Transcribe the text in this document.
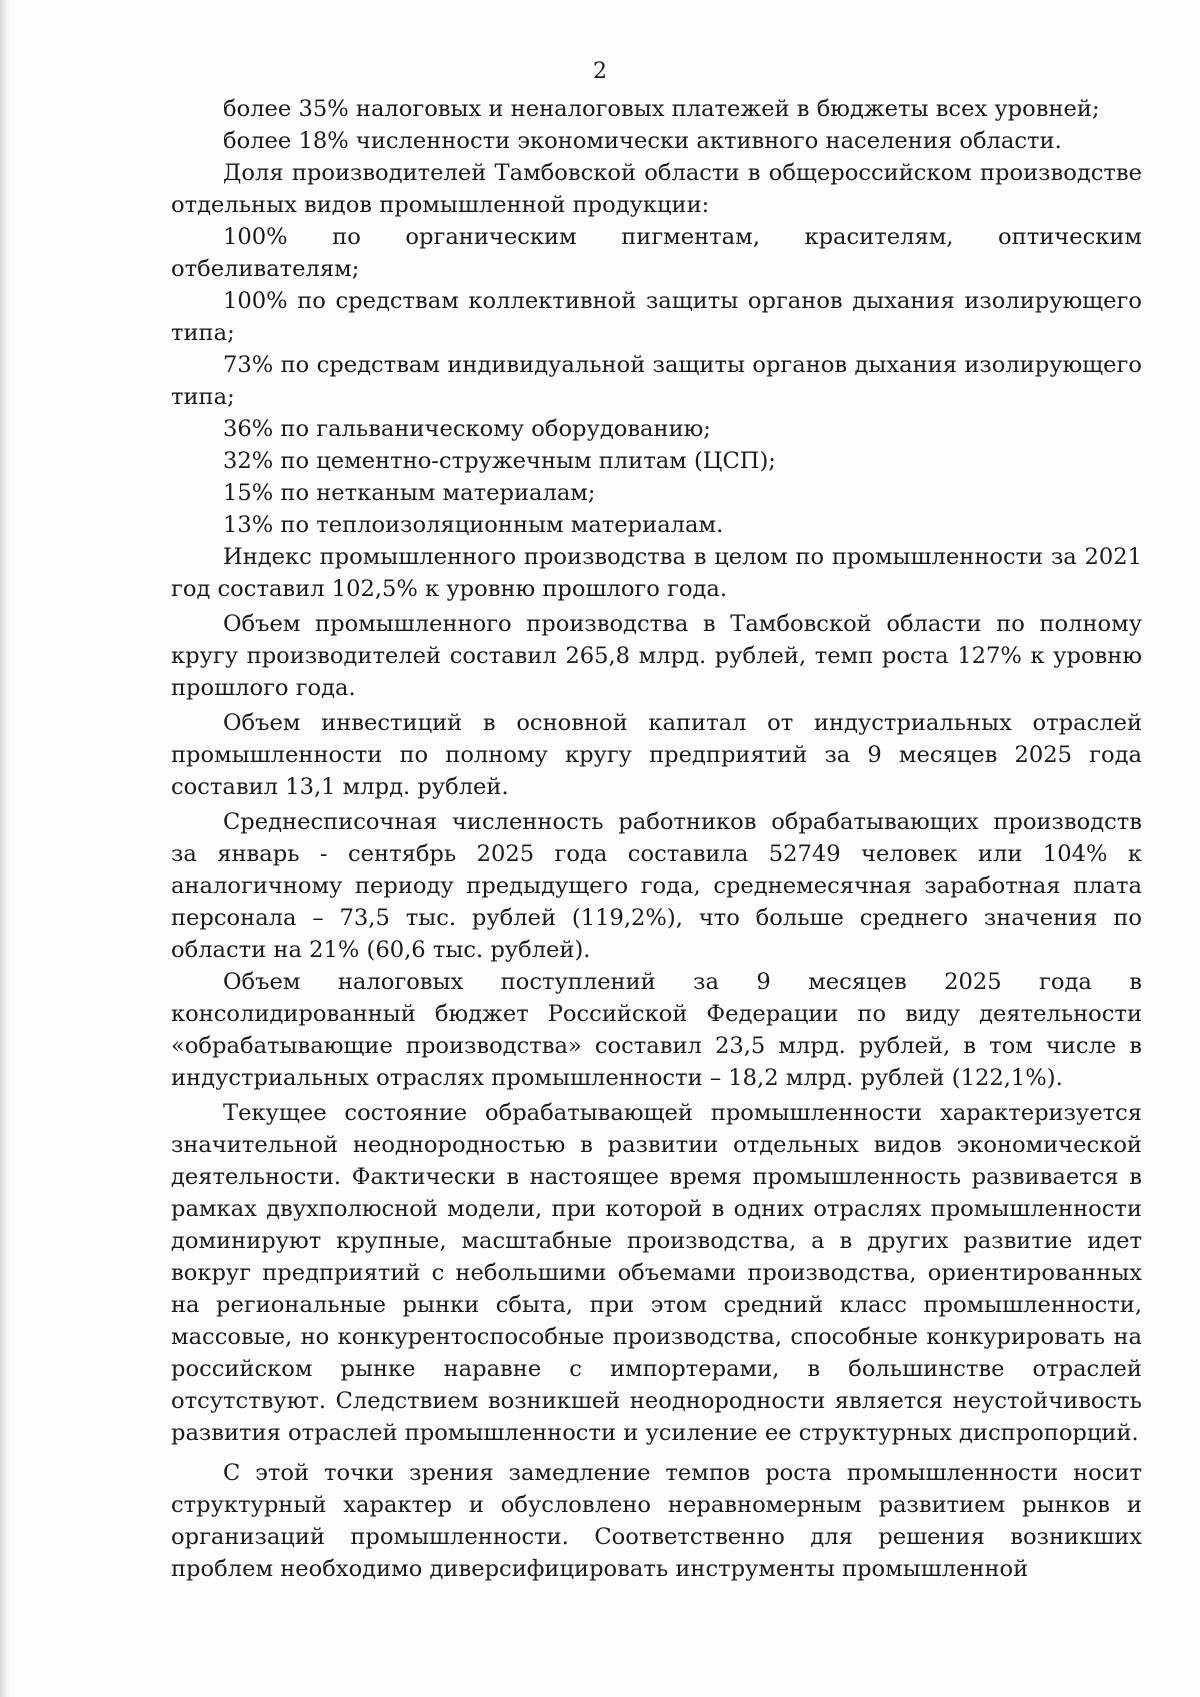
2

более 35% налоговых и неналоговых платежей в бюджеты всех уровней;

более 18% численности экономически активного населения области.

Доля производителей Тамбовской области в общероссийском производстве отдельных видов промышленной продукции:

100% по органическим пигментам, красителям, оптическим отбеливателям;

100% по средствам коллективной защиты органов дыхания изолирующего типа;

73% по средствам индивидуальной защиты органов дыхания изолирующего типа;

36% по гальваническому оборудованию;

32% по цементно-стружечным плитам (ЦСП);

15% по нетканым материалам;

13% по теплоизоляционным материалам.

Индекс промышленного производства в целом по промышленности за 2021 год составил 102,5% к уровню прошлого года.

Объем промышленного производства в Тамбовской области по полному кругу производителей составил 265,8 млрд. рублей, темп роста 127% к уровню прошлого года.

Объем инвестиций в основной капитал от индустриальных отраслей промышленности по полному кругу предприятий за 9 месяцев 2025 года составил 13,1 млрд. рублей.

Среднесписочная численность работников обрабатывающих производств за январь - сентябрь 2025 года составила 52749 человек или 104% к аналогичному периоду предыдущего года, среднемесячная заработная плата персонала – 73,5 тыс. рублей (119,2%), что больше среднего значения по области на 21% (60,6 тыс. рублей).

Объем налоговых поступлений за 9 месяцев 2025 года в консолидированный бюджет Российской Федерации по виду деятельности «обрабатывающие производства» составил 23,5 млрд. рублей, в том числе в индустриальных отраслях промышленности – 18,2 млрд. рублей (122,1%).

Текущее состояние обрабатывающей промышленности характеризуется значительной неоднородностью в развитии отдельных видов экономической деятельности. Фактически в настоящее время промышленность развивается в рамках двухполюсной модели, при которой в одних отраслях промышленности доминируют крупные, масштабные производства, а в других развитие идет вокруг предприятий с небольшими объемами производства, ориентированных на региональные рынки сбыта, при этом средний класс промышленности, массовые, но конкурентоспособные производства, способные конкурировать на российском рынке наравне с импортерами, в большинстве отраслей отсутствуют. Следствием возникшей неоднородности является неустойчивость развития отраслей промышленности и усиление ее структурных диспропорций.

С этой точки зрения замедление темпов роста промышленности носит структурный характер и обусловлено неравномерным развитием рынков и организаций промышленности. Соответственно для решения возникших проблем необходимо диверсифицировать инструменты промышленной
